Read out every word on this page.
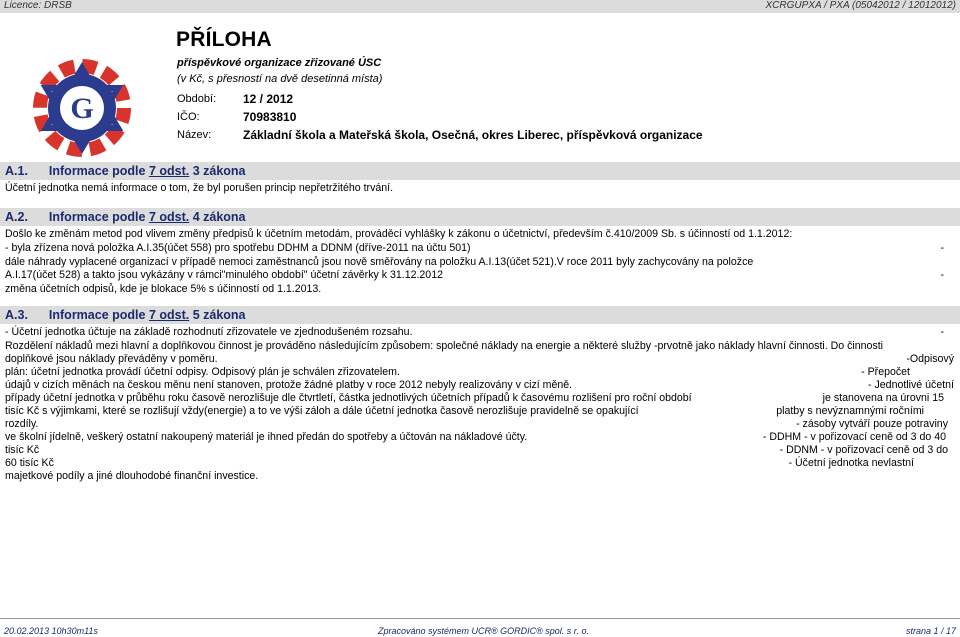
Licence: DRSB	XCRGUPXA / PXA (05042012 / 12012012)
G
PŘÍLOHA
příspěvkové organizace zřizované ÚSC
(v Kč, s přesností na dvě desetinná místa)
Období: 12 / 2012
IČO:	70983810
Název:	Základní škola a Mateřská škola, Osečná, okres Liberec, příspěvková organizace
A.1. Informace podle 7 odst. 3 zákona
Účetní jednotka nemá informace o tom, že byl porušen princip nepřetržitého trvání.
A.2. Informace podle 7 odst. 4 zákona
Došlo ke změnám metod pod vlivem změny předpisů k účetním metodám, prováděcí vyhlášky k zákonu o účetnictví, především č.410/2009 Sb. s účinností od 1.1.2012:
- byla zřízena nová položka A.I.35(účet 558) pro spotřebu DDHM a DDNM (dříve-2011 na účtu 501)
dále náhrady vyplacené organizací v případě nemoci zaměstnanců jsou nově směřovány na položku A.I.13(účet 521).V roce 2011 byly zachycovány na položce
A.I.17(účet 528) a takto jsou vykázány v rámci"minulého období" účetní závěrky k 31.12.2012
změna účetních odpisů, kde je blokace 5% s účinností od 1.1.2013.
-
-
A.3. Informace podle 7 odst. 5 zákona
- Účetní jednotka účtuje na základě rozhodnutí zřizovatele ve zjednodušeném rozsahu.
Rozdělení nákladů mezi hlavní a doplňkovou činnost je prováděno následujícím způsobem: společné náklady na energie a některé služby -prvotně jako náklady hlavní činnosti. Do činnosti
doplňkové jsou náklady převáděny v poměru.
plán: účetní jednotka provádí účetní odpisy. Odpisový plán je schválen zřizovatelem.
údajů v cizích měnách na českou měnu není stanoven, protože žádné platby v roce 2012 nebyly realizovány v cizí měně.
případy účetní jednotka v průběhu roku časově nerozlišuje dle čtvrtletí, částka jednotlivých účetních případů k časovému rozlišení pro roční období
tisíc Kč s výjimkami, které se rozlišují vždy(energie) a to ve výši záloh a dále účetní jednotka časově nerozlišuje pravidelně se opakující
rozdíly.
ve školní jídelně, veškerý ostatní nakoupený materiál je ihned předán do spotřeby a účtován na nákladové účty.
tisíc Kč
60 tisíc Kč
majetkové podíly a jiné dlouhodobé finanční investice.
-
-Odpisový
- Přepočet
- Jednotlivé účetní
je stanovena na úrovni 15
platby s nevýznamnými ročními
- zásoby vytváří pouze potraviny
- DDHM - v pořizovací ceně od 3 do 40
- DDNM - v pořizovací ceně od 3 do
- Účetní jednotka nevlastní
20.02.2013 10h30m11s	Zpracováno systémem UCR® GORDIC® spol. s r. o.	strana 1 / 17
